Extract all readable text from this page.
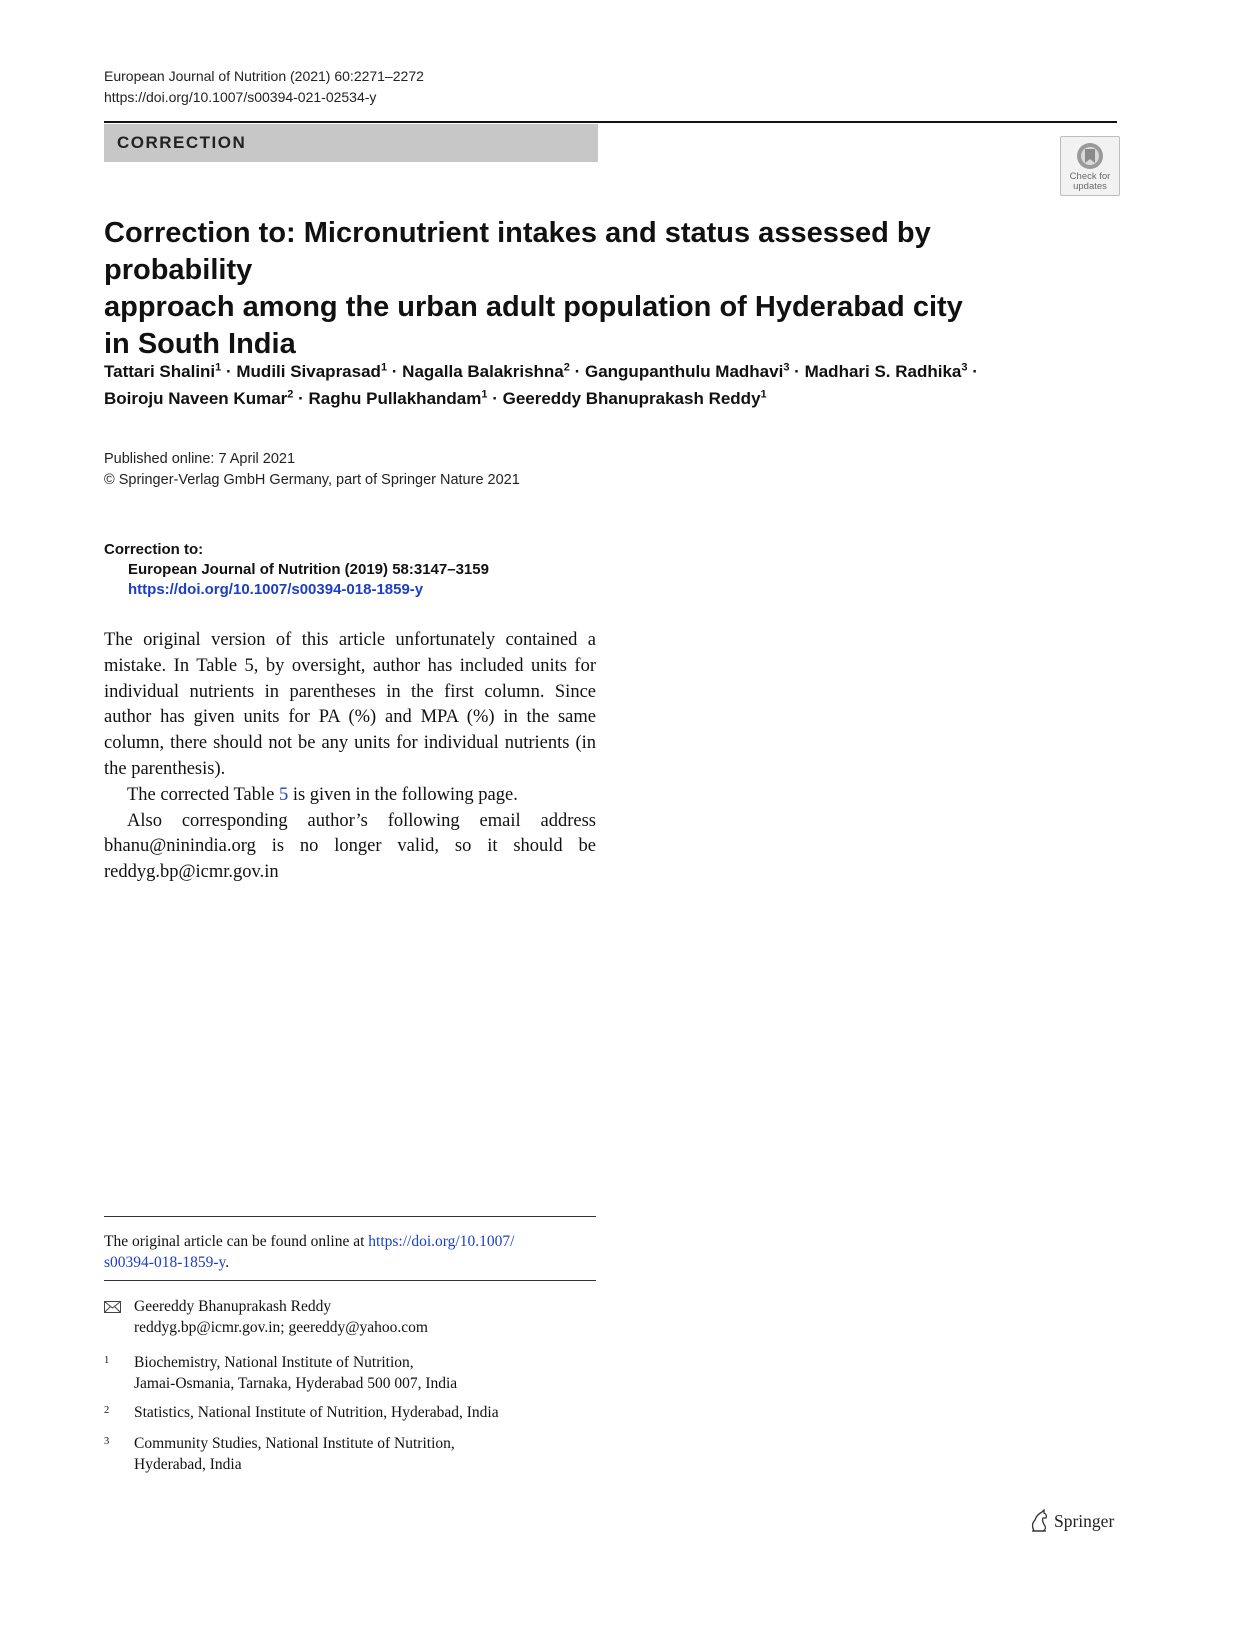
European Journal of Nutrition (2021) 60:2271–2272
https://doi.org/10.1007/s00394-021-02534-y
CORRECTION
Check for
updates
Correction to: Micronutrient intakes and status assessed by probability
approach among the urban adult population of Hyderabad city
in South India
Tattari Shalini$^1$ · Mudili Sivaprasad$^1$ · Nagalla Balakrishna$^2$ · Gangupanthulu Madhavi$^3$ · Madhari S. Radhika$^3$ ·
Boiroju Naveen Kumar$^2$ · Raghu Pullakhandam$^1$ · Geereddy Bhanuprakash Reddy$^1$
Published online: 7 April 2021
© Springer-Verlag GmbH Germany, part of Springer Nature 2021
Correction to:
European Journal of Nutrition (2019) 58:3147–3159
https://doi.org/10.1007/s00394-018-1859-y

The original version of this article unfortunately contained a mistake. In Table 5, by oversight, author has included units for individual nutrients in parentheses in the first column. Since author has given units for PA (%) and MPA (%) in the same column, there should not be any units for individual nutrients (in the parenthesis).

The corrected Table 5 is given in the following page.

Also corresponding author’s following email address bhanu@ninindia.org is no longer valid, so it should be reddyg.bp@icmr.gov.in

The original article can be found online at https://doi.org/10.1007/
s00394-018-1859-y.
Geereddy Bhanuprakash Reddy
reddyg.bp@icmr.gov.in; geereddy@yahoo.com
1 Biochemistry, National Institute of Nutrition,
Jamai-Osmania, Tarnaka, Hyderabad 500 007, India
2 Statistics, National Institute of Nutrition, Hyderabad, India
3 Community Studies, National Institute of Nutrition,
Hyderabad, India
Springer
